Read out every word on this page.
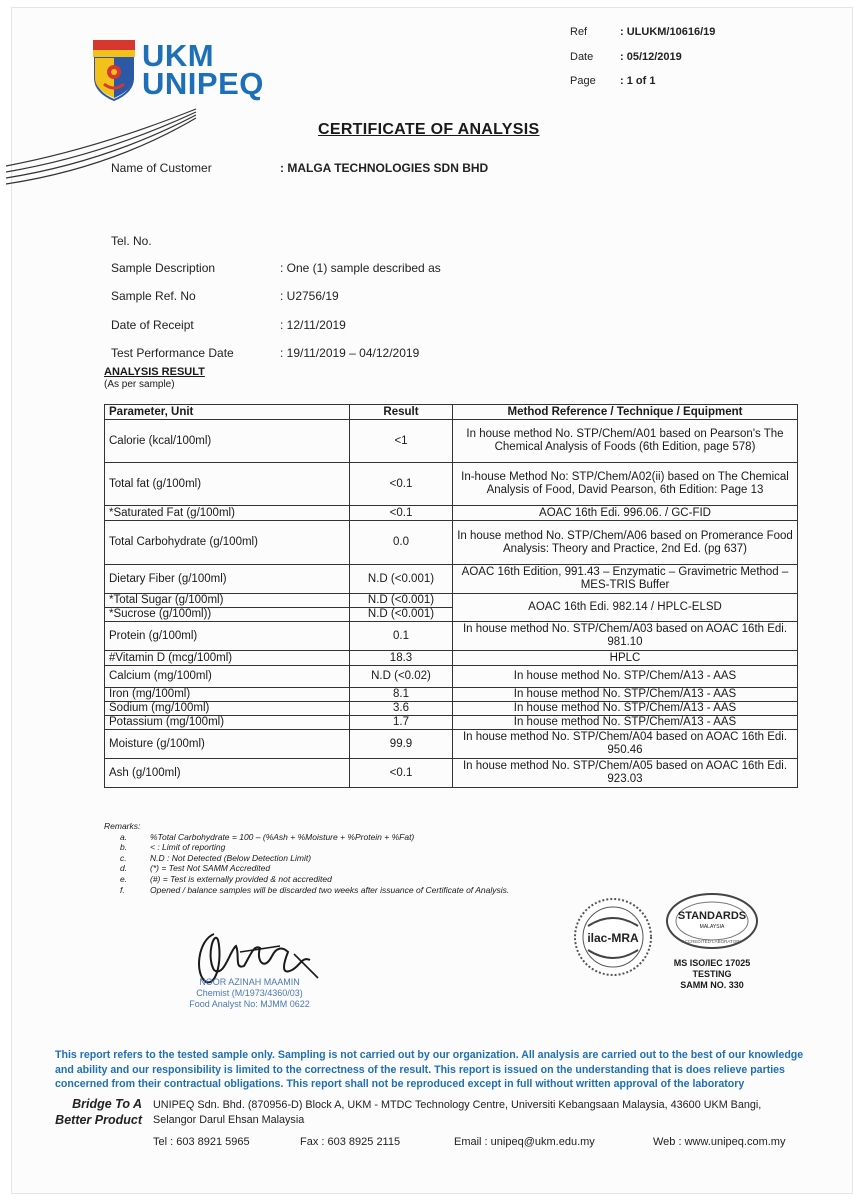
UKM
UNIPEQ
Ref	: ULUKM/10616/19
Date : 05/12/2019
Page : 1 of 1
CERTIFICATE OF ANALYSIS
Name of Customer	: MALGA TECHNOLOGIES SDN BHD
Tel. No.
Sample Description	: One (1) sample described as
Sample Ref. No	: U2756/19
Date of Receipt	: 12/11/2019
Test Performance Date	: 19/11/2019 – 04/12/2019
ANALYSIS RESULT
(As per sample)
Parameter, Unit	Result	Method Reference / Technique / Equipment
Calorie (kcal/100ml)	<1	In house method No. STP/Chem/A01 based on Pearson's The Chemical Analysis of Foods (6th Edition, page 578)
Total fat (g/100ml)	<0.1	In-house Method No: STP/Chem/A02(ii) based on The Chemical Analysis of Food, David Pearson, 6th Edition: Page 13
*Saturated Fat (g/100ml)	<0.1	AOAC 16th Edi. 996.06. / GC-FID
Total Carbohydrate (g/100ml)	0.0	In house method No. STP/Chem/A06 based on Promerance Food Analysis: Theory and Practice, 2nd Ed. (pg 637)
Dietary Fiber (g/100ml)	N.D (<0.001)	AOAC 16th Edition, 991.43 – Enzymatic – Gravimetric Method – MES-TRIS Buffer
*Total Sugar (g/100ml)	N.D (<0.001)	AOAC 16th Edi. 982.14 / HPLC-ELSD
*Sucrose (g/100ml))	N.D (<0.001)	
Protein (g/100ml)	0.1	In house method No. STP/Chem/A03 based on AOAC 16th Edi. 981.10
#Vitamin D (mcg/100ml)	18.3	HPLC
Calcium (mg/100ml)	N.D (<0.02)	In house method No. STP/Chem/A13 - AAS
Iron (mg/100ml)	8.1	In house method No. STP/Chem/A13 - AAS
Sodium (mg/100ml)	3.6	In house method No. STP/Chem/A13 - AAS
Potassium (mg/100ml)	1.7	In house method No. STP/Chem/A13 - AAS
Moisture (g/100ml)	99.9	In house method No. STP/Chem/A04 based on AOAC 16th Edi. 950.46
Ash (g/100ml)	<0.1	In house method No. STP/Chem/A05 based on AOAC 16th Edi. 923.03
Remarks:
a.	%Total Carbohydrate = 100 – (%Ash + %Moisture + %Protein + %Fat)
b.	< : Limit of reporting
c.	N.D : Not Detected (Below Detection Limit)
d.	(*) = Test Not SAMM Accredited
e.	(#) = Test is externally provided & not accredited
f.	Opened / balance samples will be discarded two weeks after issuance of Certificate of Analysis.
NOOR AZINAH MAAMIN
Chemist (M/1973/4360/03)
Food Analyst No: MJMM 0622
ilac-MRA
STANDARDS
MALAYSIA
ACCREDITED LABORATORY
MS ISO/IEC 17025
TESTING
SAMM NO. 330
This report refers to the tested sample only. Sampling is not carried out by our organization. All analysis are carried out to the best of our knowledge and ability and our responsibility is limited to the correctness of the result. This report is issued on the understanding that is does relieve parties concerned from their contractual obligations. This report shall not be reproduced except in full without written approval of the laboratory
Bridge To A
Better Product
UNIPEQ Sdn. Bhd. (870956-D) Block A, UKM - MTDC Technology Centre, Universiti Kebangsaan Malaysia, 43600 UKM Bangi,
Selangor Darul Ehsan Malaysia
Tel : 603 8921 5965	Fax : 603 8925 2115	Email : unipeq@ukm.edu.my	Web : www.unipeq.com.my
